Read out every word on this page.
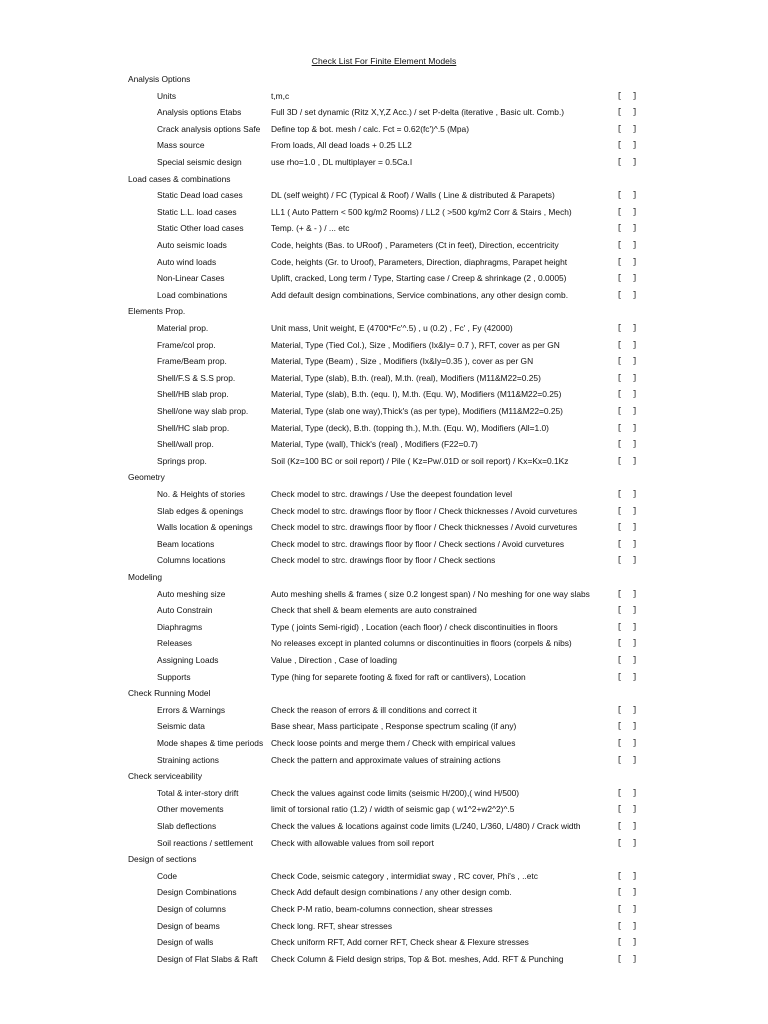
Check List For Finite Element Models
Analysis Options
Units	t,m,c	[  ]
Analysis options Etabs	Full 3D / set dynamic (Ritz X,Y,Z Acc.) / set P-delta (iterative , Basic ult. Comb.)	[  ]
Crack analysis options Safe	Define top & bot. mesh / calc. Fct = 0.62(fc')^.5 (Mpa)	[  ]
Mass source	From loads, All dead loads + 0.25 LL2	[  ]
Special seismic design	use rho=1.0 , DL multiplayer = 0.5Ca.I	[  ]
Load cases & combinations
Static Dead load cases	DL (self weight) / FC (Typical & Roof) / Walls ( Line & distributed & Parapets)	[  ]
Static L.L. load cases	LL1 ( Auto Pattern < 500 kg/m2 Rooms) / LL2 ( >500 kg/m2 Corr & Stairs , Mech)	[  ]
Static Other load cases	Temp. (+ & - ) / ... etc	[  ]
Auto seismic loads	Code, heights (Bas. to URoof) , Parameters (Ct in feet), Direction, eccentricity	[  ]
Auto wind loads	Code, heights (Gr. to Uroof), Parameters, Direction, diaphragms, Parapet height	[  ]
Non-Linear Cases	Uplift, cracked, Long term / Type, Starting case / Creep & shrinkage (2 , 0.0005)	[  ]
Load combinations	Add default design combinations, Service combinations, any other design comb.	[  ]
Elements Prop.
Material prop.	Unit mass, Unit weight, E (4700*Fc'^.5) , u (0.2) , Fc' , Fy (42000)	[  ]
Frame/col prop.	Material, Type (Tied Col.), Size , Modifiers (Ix&Iy= 0.7 ), RFT, cover as per GN	[  ]
Frame/Beam prop.	Material, Type (Beam) , Size , Modifiers (Ix&Iy=0.35 ), cover as per GN	[  ]
Shell/F.S & S.S prop.	Material, Type (slab), B.th. (real), M.th. (real), Modifiers (M11&M22=0.25)	[  ]
Shell/HB slab prop.	Material, Type (slab), B.th. (equ. I), M.th. (Equ. W), Modifiers (M11&M22=0.25)	[  ]
Shell/one way slab prop.	Material, Type (slab one way),Thick's (as per type), Modifiers (M11&M22=0.25)	[  ]
Shell/HC slab prop.	Material, Type (deck), B.th. (topping th.), M.th. (Equ. W), Modifiers (All=1.0)	[  ]
Shell/wall prop.	Material, Type (wall), Thick's (real) , Modifiers (F22=0.7)	[  ]
Springs prop.	Soil (Kz=100 BC or soil report) / Pile ( Kz=Pw/.01D or soil report) / Kx=Kx=0.1Kz	[  ]
Geometry
No. & Heights of stories	Check model to strc. drawings / Use the deepest foundation level	[  ]
Slab edges & openings	Check model to strc. drawings floor by floor / Check thicknesses / Avoid curvetures	[  ]
Walls location & openings	Check model to strc. drawings floor by floor / Check thicknesses / Avoid curvetures	[  ]
Beam locations	Check model to strc. drawings floor by floor / Check sections / Avoid curvetures	[  ]
Columns locations	Check model to strc. drawings floor by floor / Check sections	[  ]
Modeling
Auto meshing size	Auto meshing shells & frames ( size 0.2 longest span) / No meshing for one way slabs	[  ]
Auto Constrain	Check that shell & beam elements are auto constrained	[  ]
Diaphragms	Type ( joints Semi-rigid) , Location (each floor) / check discontinuities in floors	[  ]
Releases	No releases except in planted columns or discontinuities in floors (corpels & nibs)	[  ]
Assigning Loads	Value , Direction , Case of loading	[  ]
Supports	Type (hing for separete footing & fixed for raft or cantlivers), Location	[  ]
Check Running Model
Errors & Warnings	Check the reason of errors & ill conditions and correct it	[  ]
Seismic data	Base shear, Mass participate , Response spectrum scaling (if any)	[  ]
Mode shapes & time periods Check loose points and merge them / Check with empirical values	[  ]
Straining actions	Check the pattern and approximate values of straining actions	[  ]
Check serviceability
Total & inter-story drift	Check the values against code limits (seismic H/200),( wind H/500)	[  ]
Other movements	limit of torsional ratio (1.2) / width of seismic gap ( w1^2+w2^2)^.5	[  ]
Slab deflections	Check the values & locations against code limits (L/240, L/360, L/480) / Crack width	[  ]
Soil reactions / settlement	Check with allowable values from soil report	[  ]
Design of sections
Code	Check Code, seismic category , intermidiat sway , RC cover, Phi's , ..etc	[  ]
Design Combinations	Check Add default design combinations / any other design comb.	[  ]
Design of columns	Check P-M ratio, beam-columns connection, shear stresses	[  ]
Design of beams	Check long. RFT, shear stresses	[  ]
Design of walls	Check uniform RFT, Add corner RFT, Check shear & Flexure stresses	[  ]
Design of Flat Slabs & Raft	Check Column & Field design strips, Top & Bot. meshes, Add. RFT & Punching	[  ]
